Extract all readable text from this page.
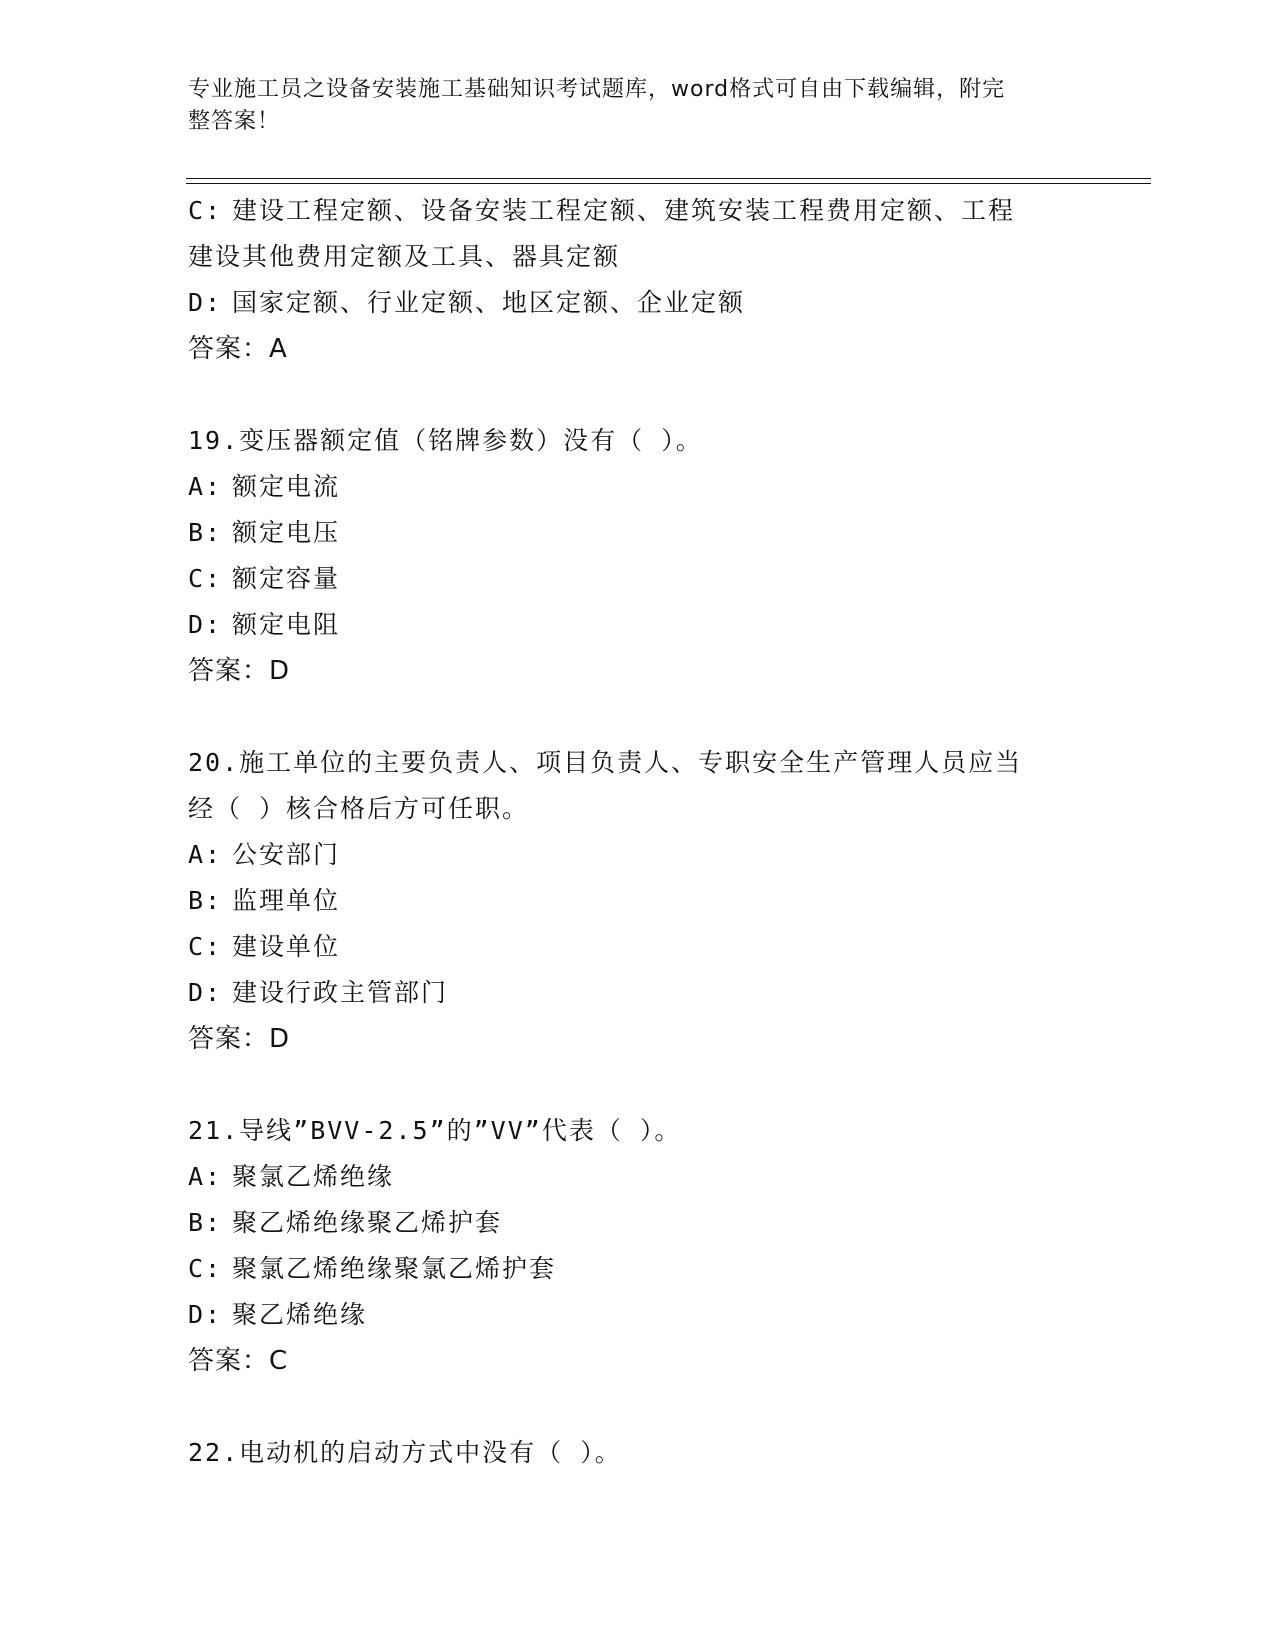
专业施工员之设备安装施工基础知识考试题库，word格式可自由下载编辑，附完
整答案！
C: 建设工程定额、设备安装工程定额、建筑安装工程费用定额、工程
建设其他费用定额及工具、器具定额
D: 国家定额、行业定额、地区定额、企业定额
答案：A
19.变压器额定值（铭牌参数）没有（ ）。
A: 额定电流
B: 额定电压
C: 额定容量
D: 额定电阻
答案：D
20.施工单位的主要负责人、项目负责人、专职安全生产管理人员应当
经（ ）核合格后方可任职。
A: 公安部门
B: 监理单位
C: 建设单位
D: 建设行政主管部门
答案：D
21.导线”BVV-2.5”的”VV”代表（ ）。
A: 聚氯乙烯绝缘
B: 聚乙烯绝缘聚乙烯护套
C: 聚氯乙烯绝缘聚氯乙烯护套
D: 聚乙烯绝缘
答案：C
22.电动机的启动方式中没有（ ）。
